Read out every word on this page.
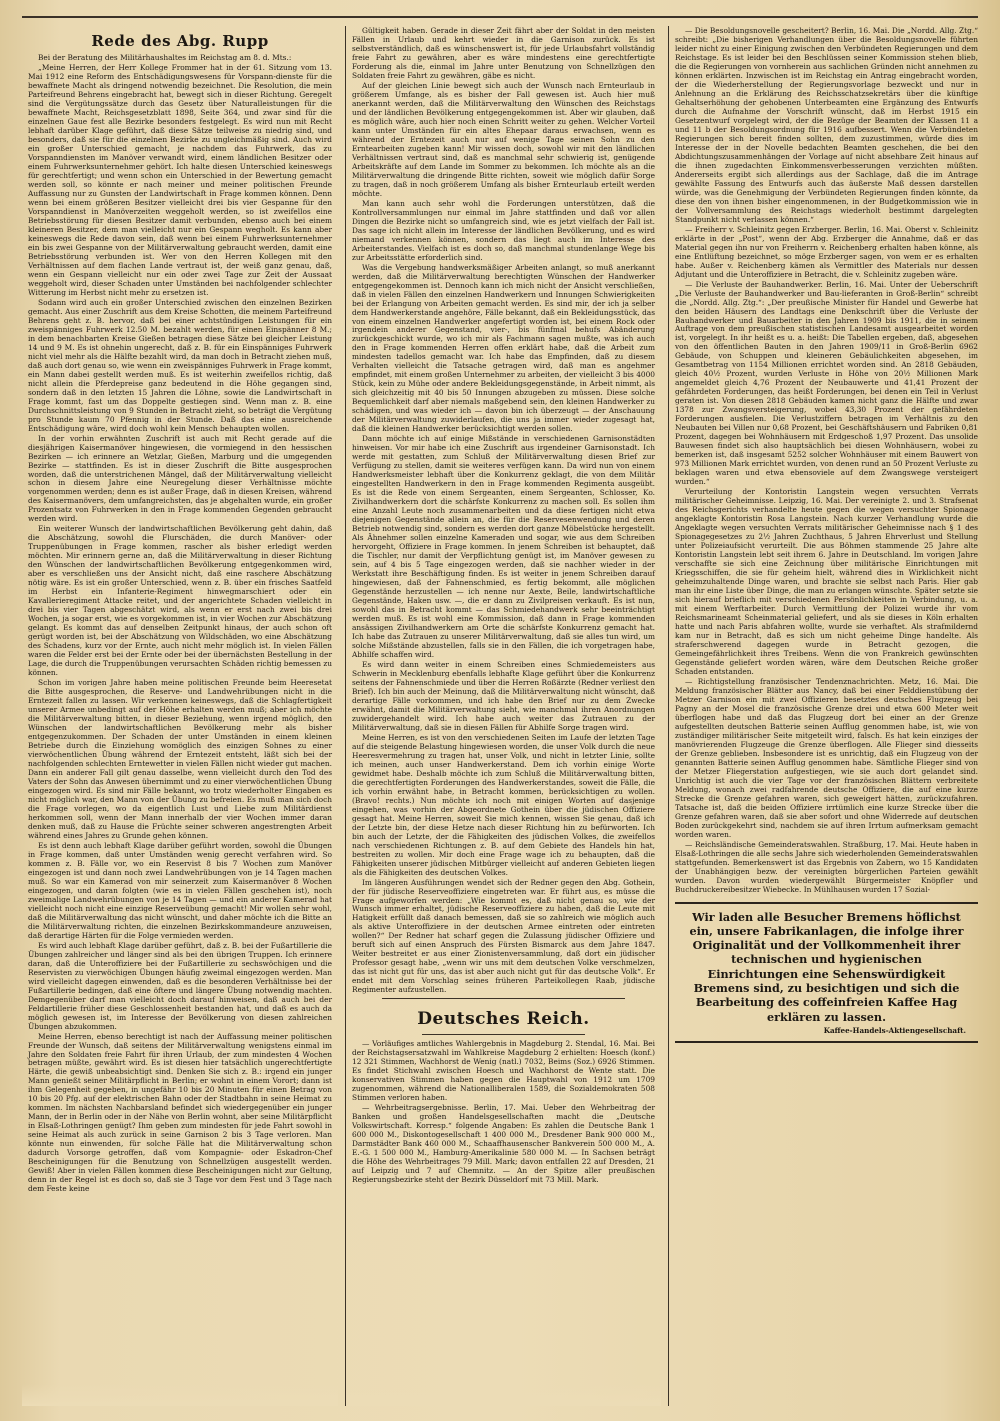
Rede des Abg. Rupp

Bei der Beratung des Militärhaushaltes im Reichstag am 8. d. Mts.:

„Meine Herren, der Herr Kollege Frommer hat in der 61. Sitzung vom 13. Mai 1912 eine Reform des Entschädigungswesens für Vorspann-dienste für die bewaffnete Macht als dringend notwendig bezeichnet. Die Resolution, die mein Parteifreund Behrens eingebracht hat, bewegt sich in dieser Richtung. Geregelt sind die Vergütungssätze durch das Gesetz über Naturalleistungen für die bewaffnete Macht, Reichsgesetzblatt 1898, Seite 364, und zwar sind für die einzelnen Gaue fest alle Bezirke besonders festgelegt. Es wird nun mit Recht lebhaft darüber Klage geführt, daß diese Sätze teilweise zu niedrig sind, und besonders, daß sie für die einzelnen Bezirke zu ungleichmäßig sind. Auch wird ein großer Unterschied gemacht, je nachdem das Fuhrwerk, das zu Vorspanndiensten im Manöver verwandt wird, einem ländlichen Besitzer oder einem Fuhrwerksunternehmer gehört. Ich halte diesen Unterschied keineswegs für gerechtfertigt; und wenn schon ein Unterschied in der Bewertung gemacht werden soll, so könnte er nach meiner und meiner politischen Freunde Auffassung nur zu Gunsten der Landwirtschaft in Frage kommen können. Denn wenn bei einem größeren Besitzer vielleicht drei bis vier Gespanne für den Vorspanndienst in Manöverzeiten weggeholt werden, so ist zweifellos eine Betriebsstörung für diesen Besitzer damit verbunden, ebenso auch bei einem kleineren Besitzer, dem man vielleicht nur ein Gespann wegholt. Es kann aber keineswegs die Rede davon sein, daß wenn bei einem Fuhrwerksunternehmer ein bis zwei Gespanne von der Militärverwaltung gebraucht werden, damit eine Betriebsstörung verbunden ist. Wer von den Herren Kollegen mit den Verhältnissen auf dem flachen Lande vertraut ist, der weiß ganz genau, daß, wenn ein Gespann vielleicht nur ein oder zwei Tage zur Zeit der Aussaat weggeholt wird, dieser Schaden unter Umständen bei nachfolgender schlechter Witterung im Herbst nicht mehr zu ersetzen ist.

Sodann wird auch ein großer Unterschied zwischen den einzelnen Bezirken gemacht. Aus einer Zuschrift aus dem Kreise Schotten, die meinem Parteifreund Behrens geht z. B. hervor, daß bei einer achtstündigen Leistungen für ein zweispänniges Fuhrwerk 12.50 M. bezahlt werden, für einen Einspänner 8 M.; in dem benachbarten Kreise Gießen betragen diese Sätze bei gleicher Leistung 14 und 9 M. Es ist ohnehin ungerecht, daß z. B. für ein Einspänniges Fuhrwerk nicht viel mehr als die Hälfte bezahlt wird, da man doch in Betracht ziehen muß, daß auch dort genau so, wie wenn ein zweispänniges Fuhrwerk in Frage kommt, ein Mann dabei gestellt werden muß. Es ist weiterhin zweifellos richtig, daß nicht allein die Pferdepreise ganz bedeutend in die Höhe gegangen sind, sondern daß in den letzten 15 Jahren die Löhne, sowie die Landwirtschaft in Frage kommt, fast um das Doppelte gestiegen sind. Wenn man z. B. eine Durchschnittsleistung von 9 Stunden in Betracht zieht, so beträgt die Vergütung pro Stunde kaum 70 Pfennig in der Stunde. Daß das eine ausreichende Entschädigung wäre, wird doch wohl kein Mensch behaupten wollen.

In der vorhin erwähnten Zuschrift ist auch mit Recht gerade auf die diesjährigen Kaisermanöver hingewiesen, die vormiegend in den hessischen Bezirken — ich erinnere an Wetzlar, Gießen, Marburg und die umgegenden Bezirke — stattfinden. Es ist in dieser Zuschrift die Bitte ausgesprochen worden, daß die unterstrichenen Mängel, daß der Militärverwaltung vielleicht schon in diesem Jahre eine Neuregelung dieser Verhältnisse möchte vorgenommen werden; denn es ist außer Frage, daß in diesen Kreisen, während des Kaisermanövers, dem umfangreichsten, das je abgehalten wurde, ein großer Prozentsatz von Fuhrwerken in den in Frage kommenden Gegenden gebraucht werden wird.

Ein weiterer Wunsch der landwirtschaftlichen Bevölkerung geht dahin, daß die Abschätzung, sowohl die Flurschäden, die durch Manöver- oder Truppenübungen in Frage kommen, rascher als bisher erledigt werden möchten. Mir erinnern gerne an, daß die Militärverwaltung in dieser Richtung den Wünschen der landwirtschaftlichen Bevölkerung entgegenkommen wird, aber es verschließen uns der Ansicht nicht, daß eine raschere Abschätzung nötig wäre. Es ist ein großer Unterschied, wenn z. B. über ein frisches Saatfeld im Herbst ein Infanterie-Regiment hinwegmarschiert oder ein Kavallerieregiment Attacke reitet, und der angerichtete Schaden vielleicht in drei bis vier Tagen abgeschätzt wird, als wenn er erst nach zwei bis drei Wochen, ja sogar erst, wie es vorgekommen ist, in vier Wochen zur Abschätzung gelangt. Es kommt das auf denselben Zeitpunkt hinaus, der auch schon oft gerügt worden ist, bei der Abschätzung von Wildschäden, wo eine Abschätzung des Schadens, kurz vor der Ernte, auch nicht mehr möglich ist. In vielen Fällen waren die Felder erst bei der Ernte oder bei der übernächsten Bestellung in der Lage, die durch die Truppenübungen verursachten Schäden richtig bemessen zu können.

Schon im vorigen Jahre haben meine politischen Freunde beim Heeresetat die Bitte ausgesprochen, die Reserve- und Landwehrübungen nicht in die Erntezeit fallen zu lassen. Wir verkennen keineswegs, daß die Schlagfertigkeit unserer Armee unbedingt auf der Höhe erhalten werden muß; aber ich möchte die Militärverwaltung bitten, in dieser Beziehung, wenn irgend möglich, den Wünschen der landwirtschaftlichen Bevölkerung mehr als bisher entgegenzukommen. Der Schaden der unter Umständen in einem kleinen Betriebe durch die Einziehung womöglich des einzigen Sohnes zu einer vierwöchentlichen Übung während der Erntezeit entsteht, läßt sich bei der nachfolgenden schlechten Erntewetter in vielen Fällen nicht wieder gut machen. Dann ein anderer Fall gilt genau dasselbe, wenn vielleicht durch den Tod des Vaters der Sohn das Anwesen übernimmt und zu einer vierwöchentlichen Übung eingezogen wird. Es sind mir Fälle bekannt, wo trotz wiederholter Eingaben es nicht möglich war, den Mann von der Übung zu befreien. Es muß man sich doch die Frage vorlegen, wo da eigentlich Lust und Liebe zum Militärdienst herkommen soll, wenn der Mann innerhalb der vier Wochen immer daran denken muß, daß zu Hause die Früchte seiner schweren angestrengten Arbeit während eines Jahres zu Grunde gehen können.

Es ist denn auch lebhaft Klage darüber geführt worden, sowohl die Übungen in Frage kommen, daß unter Umständen wenig gerecht verfahren wird. So kommen z. B. Fälle vor, wo ein Reservist 8 bis 7 Wochen zum Manöver eingezogen ist und dann noch zwei Landwehrübungen von je 14 Tagen machen muß. So war ein Kamerad von mir seinerzeit zum Kaisermanöver 8 Wochen eingezogen, und daran folgten (wie es in vielen Fällen geschehen ist), noch zweimalige Landwehrübungen von je 14 Tagen — und ein anderer Kamerad hat vielleicht noch nicht eine einzige Reserveübung gemacht! Mir wollen sehr wohl, daß die Militärverwaltung das nicht wünscht, und daher möchte ich die Bitte an die Militärverwaltung richten, die einzelnen Bezirkskommandeure anzuweisen, daß derartige Härten für die Folge vermieden werden.

Es wird auch lebhaft Klage darüber geführt, daß z. B. bei der Fußartillerie die Übungen zahlreicher und länger sind als bei den übrigen Truppen. Ich erinnere daran, daß die Unteroffiziere bei der Fußartillerie zu sechswöchigen und die Reservisten zu vierwöchigen Übungen häufig zweimal eingezogen werden. Man wird vielleicht dagegen einwenden, daß es die besonderen Verhältnisse bei der Fußartillerie bedingen, daß eine öftere und längere Übung notwendig machten. Demgegenüber darf man vielleicht doch darauf hinweisen, daß auch bei der Feldartillerie früher diese Geschlossenheit bestanden hat, und daß es auch da möglich gewesen ist, im Interesse der Bevölkerung von diesen zahlreichen Übungen abzukommen.

Meine Herren, ebenso berechtigt ist nach der Auffassung meiner politischen Freunde der Wunsch, daß seitens der Militärverwaltung wenigstens einmal im Jahre den Soldaten freie Fahrt für ihren Urlaub, der zum mindesten 4 Wochen betragen müßte, gewährt wird. Es ist diesen hier tatsächlich ungerechtfertigte Härte, die gewiß unbeabsichtigt sind. Denken Sie sich z. B.: irgend ein junger Mann genießt seiner Militärpflicht in Berlin; er wohnt in einem Vorort; dann ist ihm Gelegenheit gegeben, in ungefähr 10 bis 20 Minuten für einen Betrag von 10 bis 20 Pfg. auf der elektrischen Bahn oder der Stadtbahn in seine Heimat zu kommen. Im nächsten Nachbarsland befindet sich wiedergegenüber ein junger Mann, der in Berlin oder in der Nähe von Berlin wohnt, aber seine Militärpflicht in Elsaß-Lothringen genügt? Ihm geben zum mindesten für jede Fahrt sowohl in seine Heimat als auch zurück in seine Garnison 2 bis 3 Tage verloren. Man könnte nun einwenden, für solche Fälle hat die Militärverwaltung schon dadurch Vorsorge getroffen, daß vom Kompagnie- oder Eskadron-Chef Bescheinigungen für die Benutzung von Schnellzügen ausgestellt werden. Gewiß! Aber in vielen Fällen kommen diese Bescheinigungen nicht zur Geltung, denn in der Regel ist es doch so, daß sie 3 Tage vor dem Fest und 3 Tage nach dem Feste keine

Gültigkeit haben. Gerade in dieser Zeit fährt aber der Soldat in den meisten Fällen in Urlaub und kehrt wieder in die Garnison zurück. Es ist selbstverständlich, daß es wünschenswert ist, für jede Urlaubsfahrt vollständig freie Fahrt zu gewähren, aber es wäre mindestens eine gerechtfertigte Forderung als die, einmal im Jahre unter Benutzung von Schnellzügen den Soldaten freie Fahrt zu gewähren, gäbe es nicht.

Auf der gleichen Linie bewegt sich auch der Wunsch nach Ernteurlaub in größerem Umfange, als es bisher der Fall gewesen ist. Auch hier muß anerkannt werden, daß die Militärverwaltung den Wünschen des Reichstags und der ländlichen Bevölkerung entgegengekommen ist. Aber wir glauben, daß es möglich wäre, auch hier noch einen Schritt weiter zu gehen. Welcher Vorteil kann unter Umständen für ein altes Ehepaar daraus erwachsen, wenn es während der Erntezeit auch nur auf wenige Tage seinen Sohn zu den Erntearbeiten zugeben kann! Mir wissen doch, sowohl wir mit den ländlichen Verhältnissen vertraut sind, daß es manchmal sehr schwierig ist, genügende Arbeitskräfte auf dem Lande im Sommer zu bekommen. Ich möchte als an die Militärverwaltung die dringende Bitte richten, soweit wie möglich dafür Sorge zu tragen, daß in noch größerem Umfang als bisher Ernteurlaub erteilt werden möchte.

Man kann auch sehr wohl die Forderungen unterstützen, daß die Kontrollversammlungen nur einmal im Jahre stattfinden und daß vor allen Dingen die Bezirke nicht so umfangreich sind, wie es jetzt vielfach der Fall ist. Das sage ich nicht allein im Interesse der ländlichen Bevölkerung, und es wird niemand verkennen können, sondern das liegt auch im Interesse des Arbeiterstandes. Vielfach ist es doch so, daß manchmal stundenlange Wege bis zur Arbeitsstätte erforderlich sind.

Was die Vergebung handwerksmäßiger Arbeiten anlangt, so muß anerkannt werden, daß die Militärverwaltung berechtigten Wünschen der Handwerker entgegengekommen ist. Dennoch kann ich mich nicht der Ansicht verschließen, daß in vielen Fällen den einzelnen Handwerkern und Innungen Schwierigkeiten bei der Erlangung von Arbeiten gemacht werden. Es sind mir, der ich ja selber dem Handwerkerstande angehöre, Fälle bekannt, daß ein Bekleidungsstück, das von einem einzelnen Handwerker angefertigt worden ist, bei einem Rock oder irgendein anderer Gegenstand, vier-, bis fünfmal behufs Abänderung zurückgeschickt wurde, wo ich mir als Fachmann sagen mußte, was ich auch den in Frage kommenden Herren offen erklärt habe, daß die Arbeit zum mindesten tadellos gemacht war. Ich habe das Empfinden, daß zu diesem Verhalten vielleicht die Tatsache getragen wird, daß man es angehmer empfindet, mit einem großen Unternehmer zu arbeiten, der vielleicht 3 bis 4000 Stück, kein zu Mühe oder andere Bekleidungsgegenstände, in Arbeit nimmt, als sich gleichzeitig mit 40 bis 50 Innungen abzugeben zu müssen. Diese solche Bequemlichkeit darf aber niemals maßgebend sein, den kleinen Handwerker zu schädigen, und was wieder ich — davon bin ich überzeugt — der Anschauung der Militärverwaltung zuwiderlaufen, die uns ja immer wieder zugesagt hat, daß die kleinen Handwerker berücksichtigt werden sollen.

Dann möchte ich auf einige Mißstände in verschiedenen Garnisonstädten hinweisen. Vor mir habe ich eine Zuschrift aus irgendeiner Garnisonstadt. Ich werde mit gestatten, zum Schluß der Militärverwaltung diesen Brief zur Verfügung zu stellen, damit sie weiteres verfügen kann. Da wird nun von einem Handwerksmeister lebhaft über die Konkurrenz geklagt, die von dem Militär eingestellten Handwerkern in den in Frage kommenden Regimenta ausgeübt. Es ist die Rede von einem Sergeanten, einem Sergeanten, Schlosser, Ko. Zivilhandwerkern dort die schärfste Konkurrenz zu machen soll. Es sollen ihm eine Anzahl Leute noch zusammenarbeiten und da diese fertigen nicht etwa diejenigen Gegenstände allein an, die für die Reservesenwendung und deren Betrieb notwendig sind, sondern es werden dort ganze Möbelstücke hergestellt. Als Ähnehmer sollen einzelne Kameraden und sogar, wie aus dem Schreiben hervorgeht, Offiziere in Frage kommen. In jenem Schreiben ist behauptet, daß die Tischler, nur damit der Verpflichtung genügt ist, im Manöver gewesen zu sein, auf 4 bis 5 Tage eingezogen werden, daß sie nachher wieder in der Werkstatt ihre Beschäftigung finden. Es ist weiter in jenem Schreiben darauf hingewiesen, daß der Fahnenschmied, es fertig bekommt, alle möglichen Gegenstände herzustellen — ich nenne nur Aexte, Beile, landwirtschaftliche Gegenstände, Haken usw. —, die er dann zu Zivilpreisen verkauft. Es ist nun, sowohl das in Betracht kommt — das Schmiedehandwerk sehr beeinträchtigt werden muß. Es ist wohl eine Kommission, daß dann in Frage kommenden ansässigen Zivilhandwerkern am Orte die schärfste Konkurrenz gemacht hat. Ich habe das Zutrauen zu unserer Militärverwaltung, daß sie alles tun wird, um solche Mißstände abzustellen, falls sie in den Fällen, die ich vorgetragen habe, Abhilfe schaffen wird.

Es wird dann weiter in einem Schreiben eines Schmiedemeisters aus Schwerin in Mecklenburg ebenfalls lebhafte Klage geführt über die Konkurrenz seitens der Fahnenschmiede und über die Herren Roßärzte (Redner verliest den Brief). Ich bin auch der Meinung, daß die Militärverwaltung nicht wünscht, daß derartige Fälle vorkommen, und ich habe den Brief nur zu dem Zwecke erwähnt, damit die Militärverwaltung sieht, wie manchmal ihren Anordnungen zuwidergehandelt wird. Ich habe auch weiter das Zutrauen zu der Militärverwaltung, daß sie in diesen Fällen für Abhilfe Sorge tragen wird.

Meine Herren, es ist von den verschiedenen Seiten im Laufe der letzten Tage auf die steigende Belastung hingewiesen worden, die unser Volk durch die neue Heeresvermehrung zu tragen hat, unser Volk, und nicht in letzter Linie, sollte ich meinen, auch unser Handwerkerstand. Dem ich vorhin einige Worte gewidmet habe. Deshalb möchte ich zum Schluß die Militärverwaltung bitten, die gerechtfertigten Forderungen des Handwerkerstandes, soweit die Fälle, die ich vorhin erwähnt habe, in Betracht kommen, berücksichtigen zu wollen. (Bravo! rechts.) Nun möchte ich noch mit einigen Worten auf dasjenige eingehen, was vorhin der Abgeordnete Gothein über die jüdischen Offiziere gesagt hat. Meine Herren, soweit Sie mich kennen, wissen Sie genau, daß ich der Letzte bin, der diese Hetze nach dieser Richtung hin zu befürworten. Ich bin auch der Letzte, der die Fähigkeiten des jüdischen Volkes, die zweifellos nach verschiedenen Richtungen z. B. auf dem Gebiete des Handels hin hat, bestreiten zu wollen. Mir doch eine Frage wage ich zu behaupten, daß die Fähigkeiten unserer jüdischen Mitbürger vielleicht auf anderen Gebieten liegen als die Fähigkeiten des deutschen Volkes.

Im längeren Ausführungen wendet sich der Redner gegen den Abg. Gothein, der für jüdische Reserveoffiziere eingetreten war. Er führt aus, es müsse die Frage aufgeworfen werden: „Wie kommt es, daß nicht genau so, wie der Wunsch immer erhaltet, jüdische Reserveoffiziere zu haben, daß die Leute mit Hatigkeit erfüllt daß danach bemessen, daß sie so zahlreich wie möglich auch als aktive Unteroffiziere in der deutschen Armee eintreten oder eintreten wollen?“ Der Redner hat scharf gegen die Zulassung jüdischer Offiziere und beruft sich auf einen Anspruch des Fürsten Bismarck aus dem Jahre 1847. Weiter bestreitet er aus einer Zionistenversammlung, daß dort ein jüdischer Professor gesagt habe, „wenn wir uns mit dem deutschen Volke verschmelzen, das ist nicht gut für uns, das ist aber auch nicht gut für das deutsche Volk“. Er endet mit dem Vorschlag seines früheren Parteikollegen Raab, jüdische Regimenter aufzustellen.

Deutsches Reich.

— Vorläufiges amtliches Wahlergebnis in Magdeburg 2. Stendal, 16. Mai. Bei der Reichstagsersatzwahl im Wahlkreise Magdeburg 2 erhielten: Hoesch (konf.) 12 321 Stimmen, Wachhorst de Wenig (natl.) 7032, Beims (Soz.) 6926 Stimmen. Es findet Stichwahl zwischen Hoesch und Wachhorst de Wente statt. Die konservativen Stimmen haben gegen die Hauptwahl von 1912 um 1709 zugenommen, während die Nationalliberalen 1589, die Sozialdemokraten 508 Stimmen verloren haben.

— Wehrbeitragsergebnisse. Berlin, 17. Mai. Ueber den Wehrbeitrag der Banken und großen Handelsgesellschaften macht die „Deutsche Volkswirtschaft. Korresp.“ folgende Angaben: Es zahlen die Deutsche Bank 1 600 000 M., Diskontogesellschaft 1 400 000 M., Dresdener Bank 900 000 M., Darmstädter Bank 460 000 M., Schaaffhausenscher Bankverein 500 000 M., A. E.-G. 1 500 000 M., Hamburg-Amerikalinie 580 000 M. — In Sachsen beträgt die Höhe des Wehrbeitrages 79 Mill. Mark; davon entfallen 22 auf Dresden, 21 auf Leipzig und 7 auf Chemnitz. — An der Spitze aller preußischen Regierungsbezirke steht der Bezirk Düsseldorf mit 73 Mill. Mark.

— Die Besoldungsnovelle gescheitert? Berlin, 16. Mai. Die „Nordd. Allg. Ztg.“ schreibt: „Die bisherigen Verhandlungen über die Besoldungsnovelle führten leider nicht zu einer Einigung zwischen den Verbündeten Regierungen und dem Reichstage. Es ist leider bei den Beschlüssen seiner Kommission stehen blieb, die die Regierungen von vornherein aus sachlichen Gründen nicht annehmen zu können erklärten. Inzwischen ist im Reichstag ein Antrag eingebracht worden, der die Wiederherstellung der Regierungsvorlage bezweckt und nur in Anlehnung an die Erklärung des Reichsschatzsekretärs über die künftige Gehaltserhöhung der gehobenen Unterbeamten eine Ergänzung des Entwurfs durch die Aufnahme der Vorschrift wünscht, daß im Herbst 1915 ein Gesetzentwurf vorgelegt wird, der die Bezüge der Beamten der Klassen 11 a und 11 b der Besoldungsordnung für 1916 aufbessert. Wenn die Verbündeten Regierungen sich bereit finden sollten, dem zuzustimmen, würde dies im Interesse der in der Novelle bedachten Beamten geschehen, die bei den Abdichtungszusammenhängen der Vorlage auf nicht absehbare Zeit hinaus auf die ihnen zugedachten Einkommensverbesserungen verzichten müßten. Andererseits ergibt sich allerdings aus der Sachlage, daß die im Antrage gewählte Fassung des Entwurfs auch das äußerste Maß dessen darstellen würde, was die Genehmigung der Verbündeten Regierungen finden könnte, da diese den von ihnen bisher eingenommenen, in der Budgetkommission wie in der Vollversammlung des Reichstags wiederholt bestimmt dargelegten Standpunkt nicht verlassen können.“

— Freiherr v. Schleinitz gegen Erzberger. Berlin, 16. Mai. Oberst v. Schleinitz erklärte in der „Post“, wenn der Abg. Erzberger die Annahme, daß er das Material gegen ihn nur von Freiherrn v. Reichenberg erhalten haben könne, als eine Entlüftung bezeichnet, so möge Erzberger sagen, von wem er es erhalten habe. Außer v. Reichenberg kämen als Vermittler des Materials nur dessen Adjutant und die Unteroffiziere in Betracht, die v. Schleinitz zugeben wäre.

— Die Verluste der Bauhandwerker. Berlin, 16. Mai. Unter der Ueberschrift „Die Verluste der Bauhandwerker und Bau-lieferanten in Groß-Berlin“ schreibt die „Nordd. Allg. Ztg.“: „Der preußische Minister für Handel und Gewerbe hat den beiden Häusern des Landtags eine Denkschrift über die Verluste der Bauhandwerker und Bauarbeiter in den Jahren 1909 bis 1911, die in seinem Auftrage von dem preußischen statistischen Landesamt ausgearbeitet worden ist, vorgelegt. In ihr heißt es u. a. heißt: Die Tabellen ergeben, daß, abgesehen von den öffentlichen Bauten in den Jahren 1909/11 in Groß-Berlin 6962 Gebäude, von Schuppen und kleineren Gebäulichkeiten abgesehen, im Gesamtbetrag von 1154 Millionen errichtet worden sind. An 2818 Gebäuden, gleich 40½ Prozent, wurden Verluste in Höhe von 20½ Millionen Mark angemeldet gleich 4,76 Prozent der Neubauwerte und 41,41 Prozent der gefährdeten Forderungen, das heißt Forderungen, bei denen ein Teil in Verlust geraten ist. Von diesen 2818 Gebäuden kamen nicht ganz die Hälfte und zwar 1378 zur Zwangsversteigerung, wobei 43,30 Prozent der gefährdeten Forderungen ausfielen. Die Verlustziffern betragen im Verhältnis zu den Neubauten bei Villen nur 0,68 Prozent, bei Geschäftshäusern und Fabriken 0,81 Prozent, dagegen bei Wohnhäusern mit Erdgeschoß 1,97 Prozent. Das unsolide Bauwesen findet sich also hauptsächlich bei diesen Wohnhäusern, wobei zu bemerken ist, daß insgesamt 5252 solcher Wohnhäuser mit einem Bauwert von 973 Millionen Mark errichtet wurden, von denen rund an 50 Prozent Verluste zu beklagen waren und etwa ebensoviele auf dem Zwangswege versteigert wurden.“

Verurteilung der Kontoristin Langstein wegen versuchten Verrats militärischer Geheimnisse. Leipzig, 16. Mai. Der vereinigte 2. und 3. Strafsenat des Reichsgerichts verhandelte heute gegen die wegen versuchter Spionage angeklagte Kontoristin Rosa Langstein. Nach kurzer Verhandlung wurde die Angeklagte wegen versuchten Verrats militärischer Geheimnisse nach § 1 des Spionagegesetzes zu 2½ Jahren Zuchthaus, 5 Jahren Ehrverlust und Stellung unter Polizeiaufsicht verurteilt. Die aus Böhmen stammende 25 Jahre alte Kontoristin Langstein lebt seit ihrem 6. Jahre in Deutschland. Im vorigen Jahre verschaffte sie sich eine Zeichnung über militärische Einrichtungen mit Kriegsschiffen, die sie für geheim hielt, während dies in Wirklichkeit nicht geheimzuhaltende Dinge waren, und brachte sie selbst nach Paris. Hier gab man ihr eine Liste über Dinge, die man zu erlangen wünschte. Später setzte sie sich hierauf brieflich mit verschiedenen Persönlichkeiten in Verbindung, u. a. mit einem Werftarbeiter. Durch Vermittlung der Polizei wurde ihr vom Reichsmarineamt Scheinmaterial geliefert, und als sie dieses in Köln erhalten hatte und nach Paris abfahren wollte, wurde sie verhaftet. Als strafmildernd kam nur in Betracht, daß es sich um nicht geheime Dinge handelte. Als straferschwerend dagegen wurde in Betracht gezogen, die Gemeingefährlichkeit ihres Treibens. Wenn die von Frankreich gewünschten Gegenstände geliefert worden wären, wäre dem Deutschen Reiche großer Schaden entstanden.

— Richtigstellung französischer Tendenznachrichten. Metz, 16. Mai. Die Meldung französischer Blätter aus Nancy, daß bei einer Felddienstübung der Metzer Garnison ein mit zwei Offizieren besetztes deutsches Flugzeug bei Pagny an der Mosel die französische Grenze drei und etwa 600 Meter weit überflogen habe und daß das Flugzeug dort bei einer an der Grenze aufgestellten deutschen Batterie seinen Aufflug genommen habe, ist, wie von zuständiger militärischer Seite mitgeteilt wird, falsch. Es hat kein einziges der manövrierenden Flugzeuge die Grenze überflogen. Alle Flieger sind diesseits der Grenze geblieben. Insbesondere ist es unrichtig, daß ein Flugzeug von der genannten Batterie seinen Aufflug genommen habe. Sämtliche Flieger sind von der Metzer Fliegerstation aufgestiegen, wie sie auch dort gelandet sind. Unrichtig ist auch die vier Tage vor der französischen Blättern verbreitete Meldung, wonach zwei radfahrende deutsche Offiziere, die auf eine kurze Strecke die Grenze gefahren waren, sich geweigert hätten, zurückzufahren. Tatsache ist, daß die beiden Offiziere irrtümlich eine kurze Strecke über die Grenze gefahren waren, daß sie aber sofort und ohne Widerrede auf deutschen Boden zurückgekehrt sind, nachdem sie auf ihren Irrtum aufmerksam gemacht worden waren.

— Reichsländische Gemeinderatswahlen. Straßburg, 17. Mai. Heute haben in Elsaß-Lothringen die alle sechs Jahre sich wiederholenden Gemeinderatswahlen stattgefunden. Bemerkenswert ist das Ergebnis von Zabern, wo 15 Kandidaten der Unabhängigen bezw. der vereinigten bürgerlichen Parteien gewählt wurden. Davon wurden wiedergewählt Bürgermeister Knöpfler und Buchdruckereibesitzer Wiebecke. In Mühlhausen wurden 17 Sozial-

Wir laden alle Besucher Bremens höflichst ein, unsere Fabrikanlagen, die infolge ihrer Originalität und der Vollkommenheit ihrer technischen und hygienischen Einrichtungen eine Sehenswürdigkeit Bremens sind, zu besichtigen und sich die Bearbeitung des coffeinfreien Kaffee Hag erklären zu lassen.
Kaffee-Handels-Aktiengesellschaft.
